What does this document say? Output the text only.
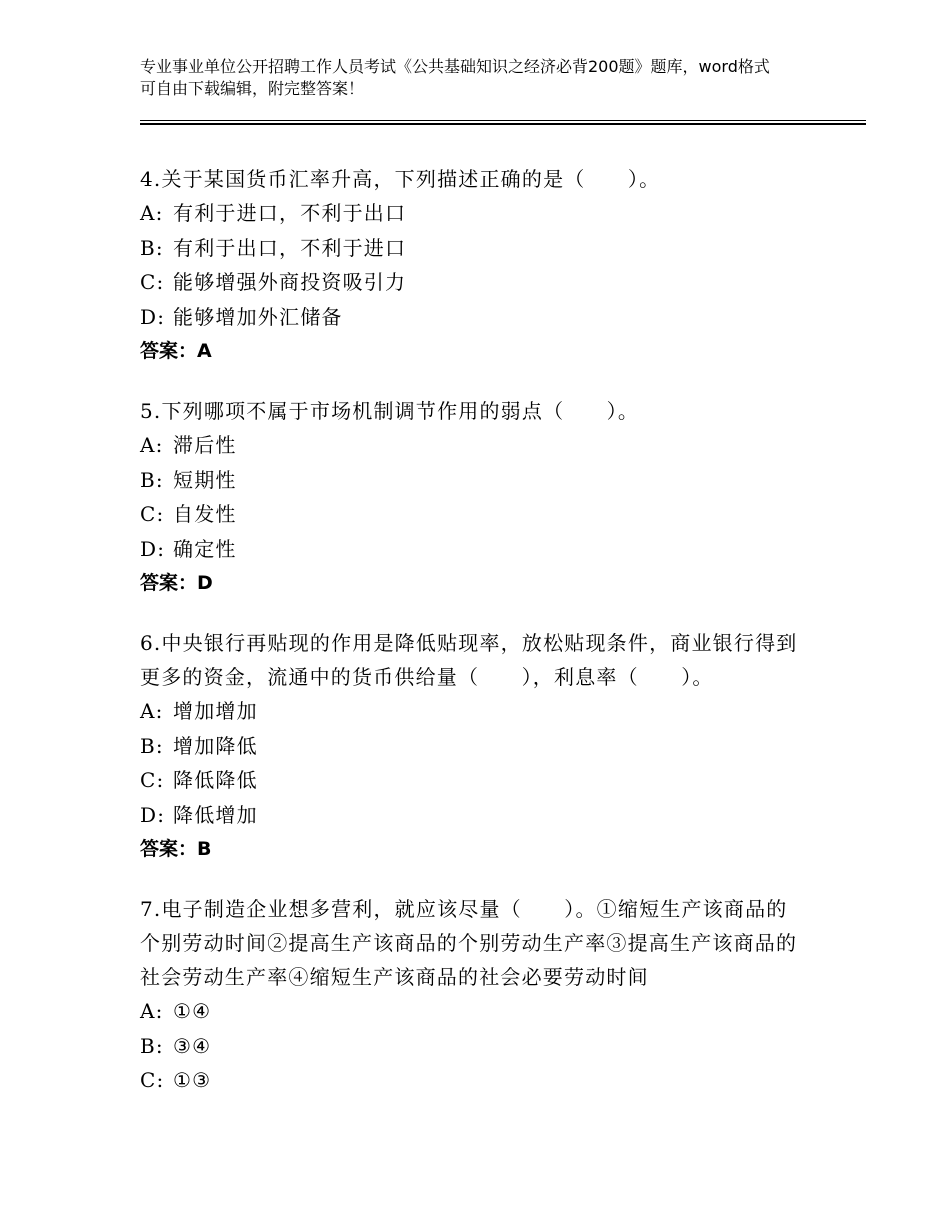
专业事业单位公开招聘工作人员考试《公共基础知识之经济必背200题》题库，word格式可自由下载编辑，附完整答案！

4.关于某国货币汇率升高，下列描述正确的是（　　）。

A: 有利于进口，不利于出口

B: 有利于出口，不利于进口

C: 能够增强外商投资吸引力

D: 能够增加外汇储备

答案：A

5.下列哪项不属于市场机制调节作用的弱点（　　）。

A: 滞后性

B: 短期性

C: 自发性

D: 确定性

答案：D

6.中央银行再贴现的作用是降低贴现率，放松贴现条件，商业银行得到更多的资金，流通中的货币供给量（　　），利息率（　　）。

A: 增加增加

B: 增加降低

C: 降低降低

D: 降低增加

答案：B

7.电子制造企业想多营利，就应该尽量（　　）。①缩短生产该商品的个别劳动时间②提高生产该商品的个别劳动生产率③提高生产该商品的社会劳动生产率④缩短生产该商品的社会必要劳动时间

A: ①④

B: ③④

C: ①③
